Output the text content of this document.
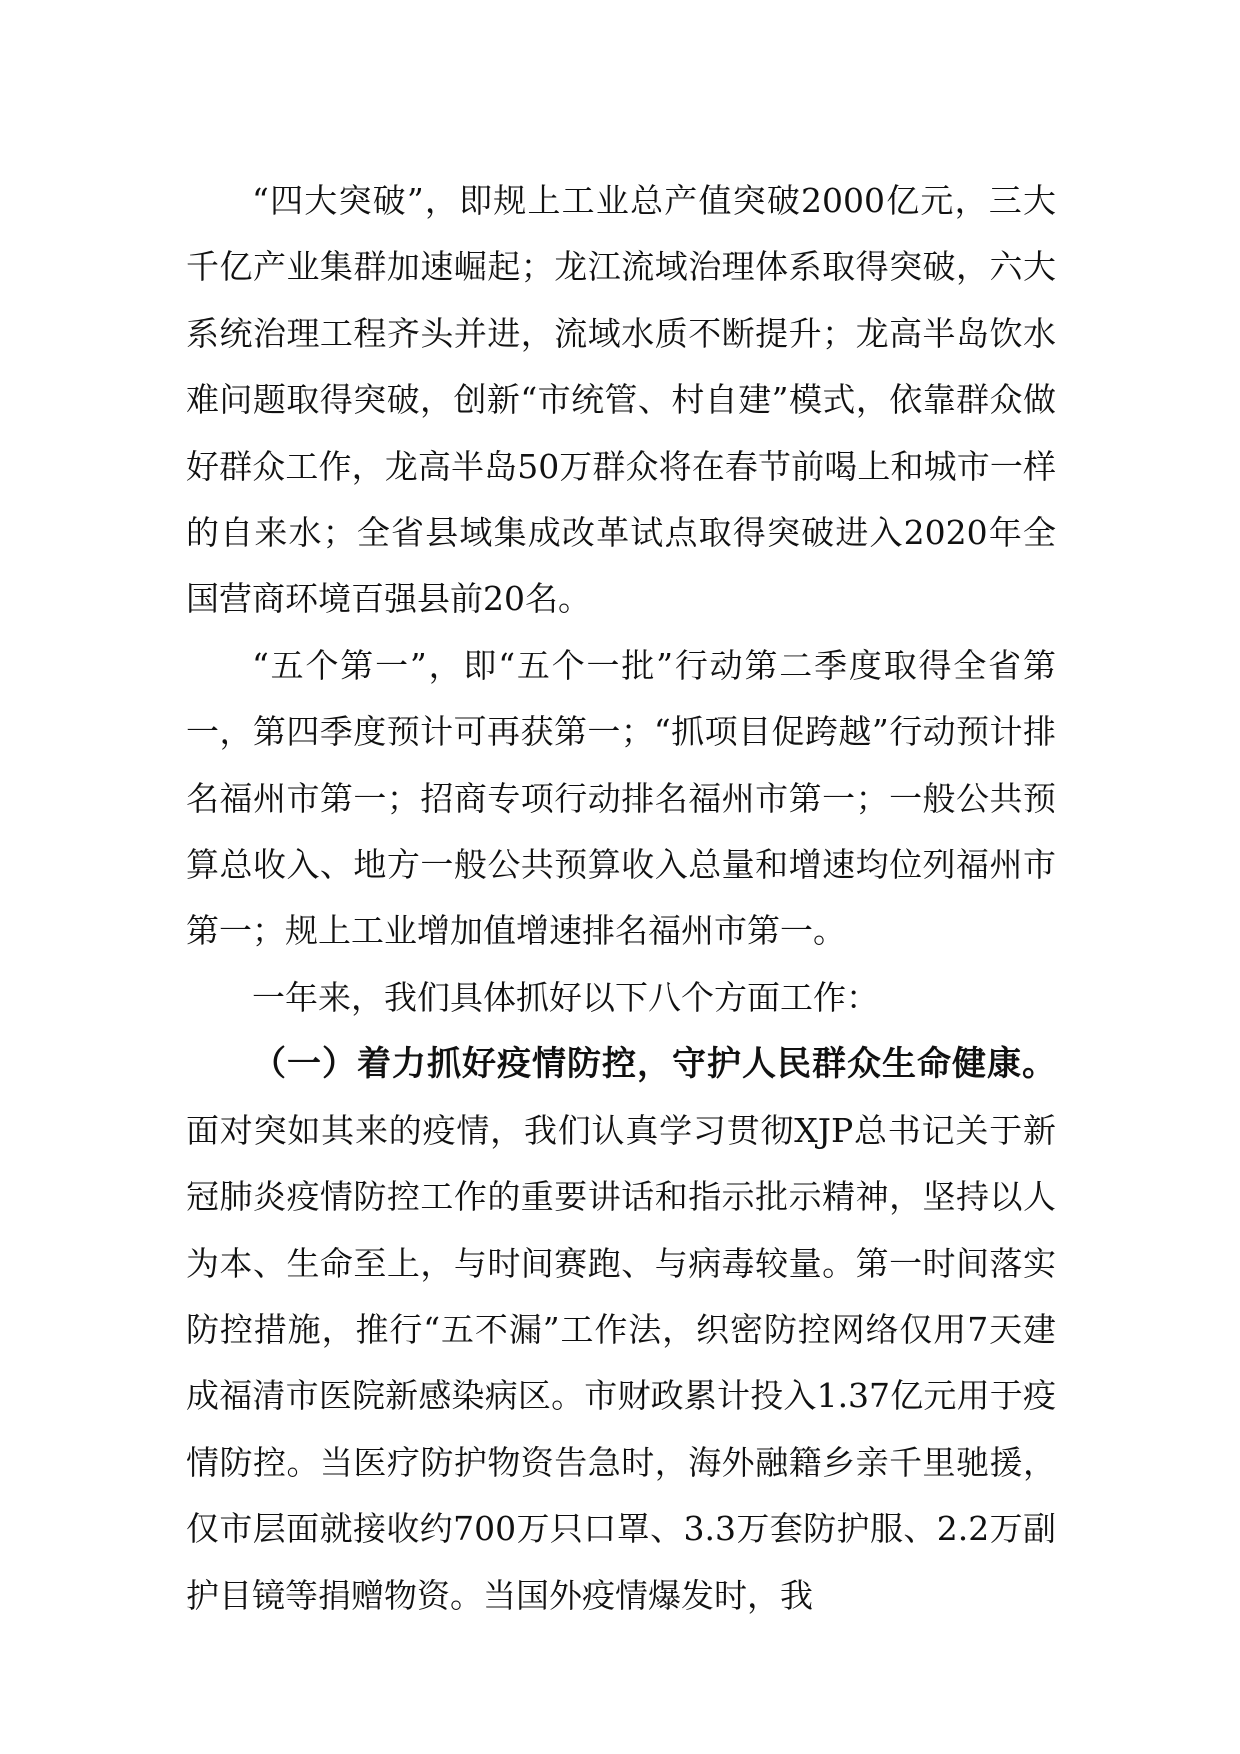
“四大突破”，即规上工业总产值突破2000亿元，三大千亿产业集群加速崛起；龙江流域治理体系取得突破，六大系统治理工程齐头并进，流域水质不断提升；龙高半岛饮水难问题取得突破，创新“市统管、村自建”模式，依靠群众做好群众工作，龙高半岛50万群众将在春节前喝上和城市一样的自来水；全省县域集成改革试点取得突破进入2020年全国营商环境百强县前20名。

“五个第一”，即“五个一批”行动第二季度取得全省第一，第四季度预计可再获第一；“抓项目促跨越”行动预计排名福州市第一；招商专项行动排名福州市第一；一般公共预算总收入、地方一般公共预算收入总量和增速均位列福州市第一；规上工业增加值增速排名福州市第一。

一年来，我们具体抓好以下八个方面工作：

（一）着力抓好疫情防控，守护人民群众生命健康。面对突如其来的疫情，我们认真学习贯彻XJP总书记关于新冠肺炎疫情防控工作的重要讲话和指示批示精神，坚持以人为本、生命至上，与时间赛跑、与病毒较量。第一时间落实防控措施，推行“五不漏”工作法，织密防控网络仅用7天建成福清市医院新感染病区。市财政累计投入1.37亿元用于疫情防控。当医疗防护物资告急时，海外融籍乡亲千里驰援，仅市层面就接收约700万只口罩、3.3万套防护服、2.2万副护目镜等捐赠物资。当国外疫情爆发时，我
